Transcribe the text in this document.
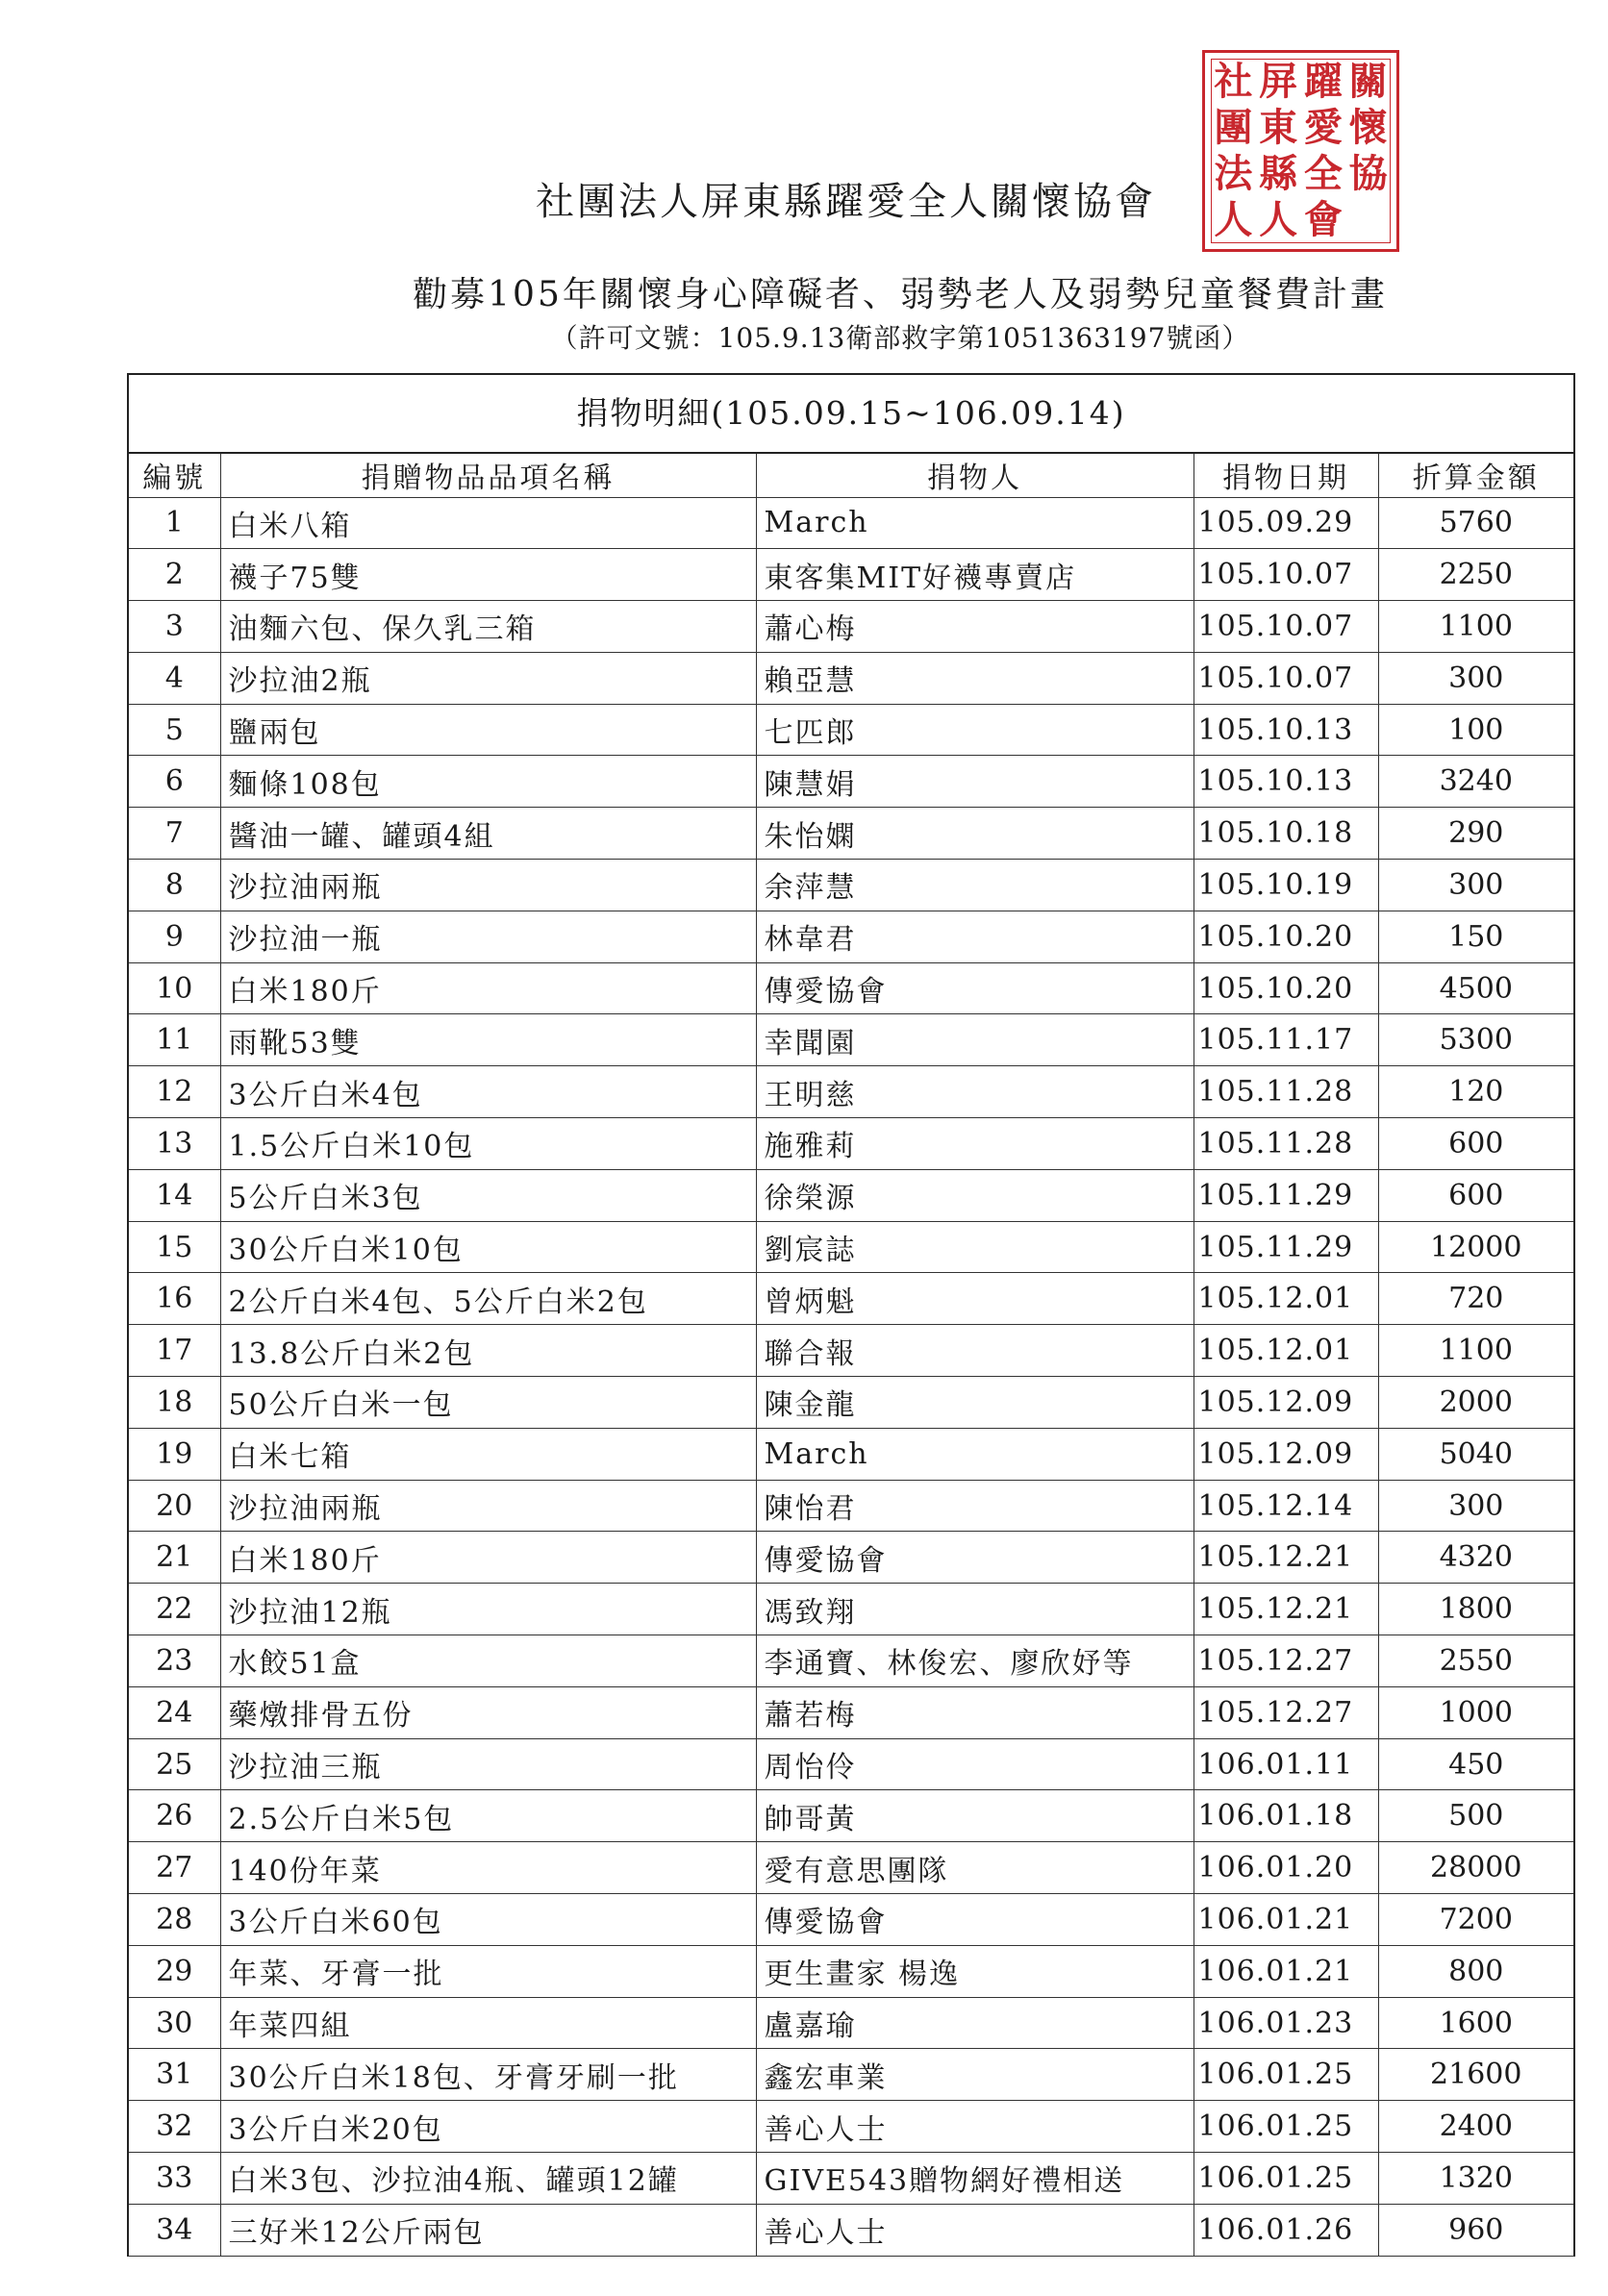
社團法人屏東縣躍愛全人關懷協會
社 屏 躍 關
團 東 愛 懷
法 縣 全 協
人 人 會
勸募105年關懷身心障礙者、弱勢老人及弱勢兒童餐費計畫
（許可文號：105.9.13衛部救字第1051363197號函）
捐物明細(105.09.15~106.09.14)
編號	捐贈物品品項名稱	捐物人	捐物日期	折算金額
1	白米八箱	March	105.09.29	5760
2	襪子75雙	東客集MIT好襪專賣店	105.10.07	2250
3	油麵六包、保久乳三箱	蕭心梅	105.10.07	1100
4	沙拉油2瓶	賴亞慧	105.10.07	300
5	鹽兩包	七匹郎	105.10.13	100
6	麵條108包	陳慧娟	105.10.13	3240
7	醬油一罐、罐頭4組	朱怡嫻	105.10.18	290
8	沙拉油兩瓶	余萍慧	105.10.19	300
9	沙拉油一瓶	林韋君	105.10.20	150
10	白米180斤	傳愛協會	105.10.20	4500
11	雨靴53雙	幸聞園	105.11.17	5300
12	3公斤白米4包	王明慈	105.11.28	120
13	1.5公斤白米10包	施雅莉	105.11.28	600
14	5公斤白米3包	徐榮源	105.11.29	600
15	30公斤白米10包	劉宸誌	105.11.29	12000
16	2公斤白米4包、5公斤白米2包	曾炳魁	105.12.01	720
17	13.8公斤白米2包	聯合報	105.12.01	1100
18	50公斤白米一包	陳金龍	105.12.09	2000
19	白米七箱	March	105.12.09	5040
20	沙拉油兩瓶	陳怡君	105.12.14	300
21	白米180斤	傳愛協會	105.12.21	4320
22	沙拉油12瓶	馮致翔	105.12.21	1800
23	水餃51盒	李通寶、林俊宏、廖欣妤等	105.12.27	2550
24	藥燉排骨五份	蕭若梅	105.12.27	1000
25	沙拉油三瓶	周怡伶	106.01.11	450
26	2.5公斤白米5包	帥哥黃	106.01.18	500
27	140份年菜	愛有意思團隊	106.01.20	28000
28	3公斤白米60包	傳愛協會	106.01.21	7200
29	年菜、牙膏一批	更生畫家 楊逸	106.01.21	800
30	年菜四組	盧嘉瑜	106.01.23	1600
31	30公斤白米18包、牙膏牙刷一批	鑫宏車業	106.01.25	21600
32	3公斤白米20包	善心人士	106.01.25	2400
33	白米3包、沙拉油4瓶、罐頭12罐	GIVE543贈物網好禮相送	106.01.25	1320
34	三好米12公斤兩包	善心人士	106.01.26	960
